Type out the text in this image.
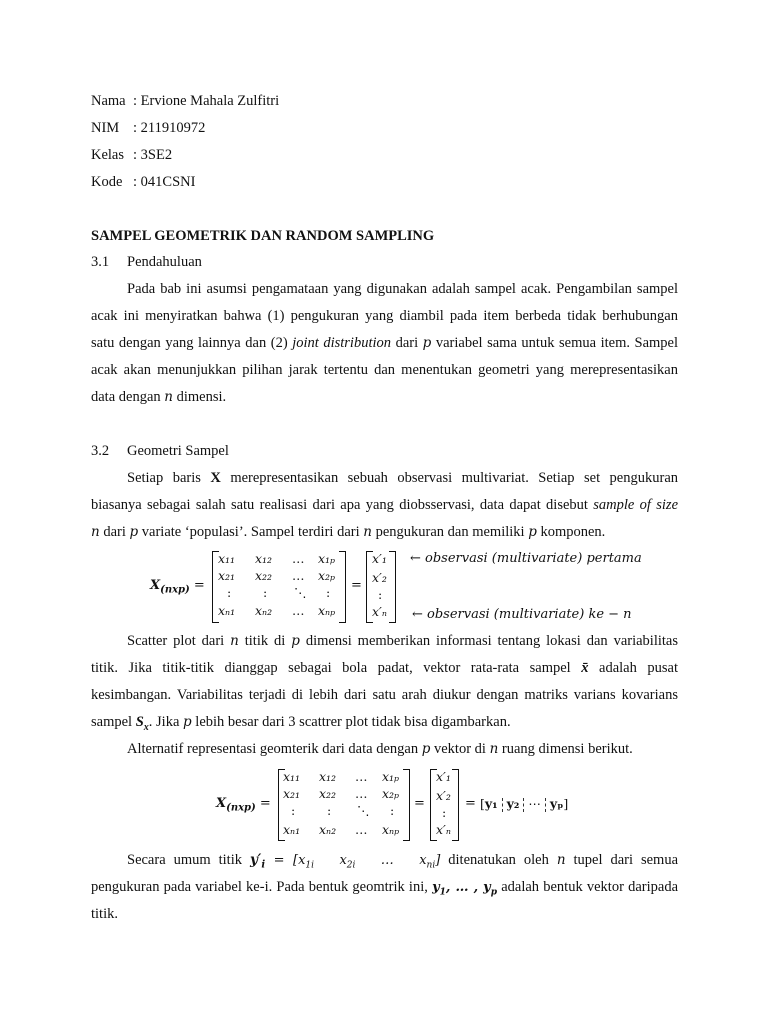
Nama : Ervione Mahala Zulfitri
NIM : 211910972
Kelas : 3SE2
Kode : 041CSNI
SAMPEL GEOMETRIK DAN RANDOM SAMPLING
3.1 Pendahuluan
Pada bab ini asumsi pengamataan yang digunakan adalah sampel acak. Pengambilan sampel
acak ini menyiratkan bahwa (1) pengukuran yang diambil pada item berbeda tidak berhubungan
satu dengan yang lainnya dan (2) joint distribution dari p variabel sama untuk semua item. Sampel
acak akan menunjukkan pilihan jarak tertentu dan menentukan geometri yang merepresentasikan
data dengan n dimensi.
3.2 Geometri Sampel
Setiap baris X merepresentasikan sebuah observasi multivariat. Setiap set pengukuran
biasanya sebagai salah satu realisasi dari apa yang diobsservasi, data dapat disebut sample of size
n dari p variate ‘populasi’. Sampel terdiri dari n pengukuran dan memiliki p komponen.
$X_{(nxp)}$ =
x₁₁ x₁₂ … x₁ₚ
x₂₁ x₂₂ … x₂ₚ
:	: ⋱ :
xₙ₁ xₙ₂ … xₙₚ
=
x′₁
x′₂
:
x′ₙ
← observasi (multivariate) pertama
← observasi (multivariate) ke − n
Scatter plot dari n titik di p dimensi memberikan informasi tentang lokasi dan variabilitas
titik. Jika titik-titik dianggap sebagai bola padat, vektor rata-rata sampel x̄ adalah pusat
kesimbangan. Variabilitas terjadi di lebih dari satu arah diukur dengan matriks varians kovarians
sampel $S_x$. Jika p lebih besar dari 3 scattrer plot tidak bisa digambarkan.
Alternatif representasi geomterik dari data dengan p vektor di n ruang dimensi berikut.
$X_{(nxp)}$ =
x₁₁ x₁₂ … x₁ₚ
x₂₁ x₂₂ … x₂ₚ
:	: ⋱ :
xₙ₁ xₙ₂ … xₙₚ
=
x′₁
x′₂
:
x′ₙ
= [y₁ y₂ ⋯ yₚ]
Secara umum titik $y'_i = [x_{1i}$   $x_{2i}$   …   $x_{ni}$] ditenatukan oleh n tupel dari semua
pengukuran pada variabel ke-i. Pada bentuk geomtrik ini, $y_1$, … , $y_p$ adalah bentuk vektor daripada
titik.
